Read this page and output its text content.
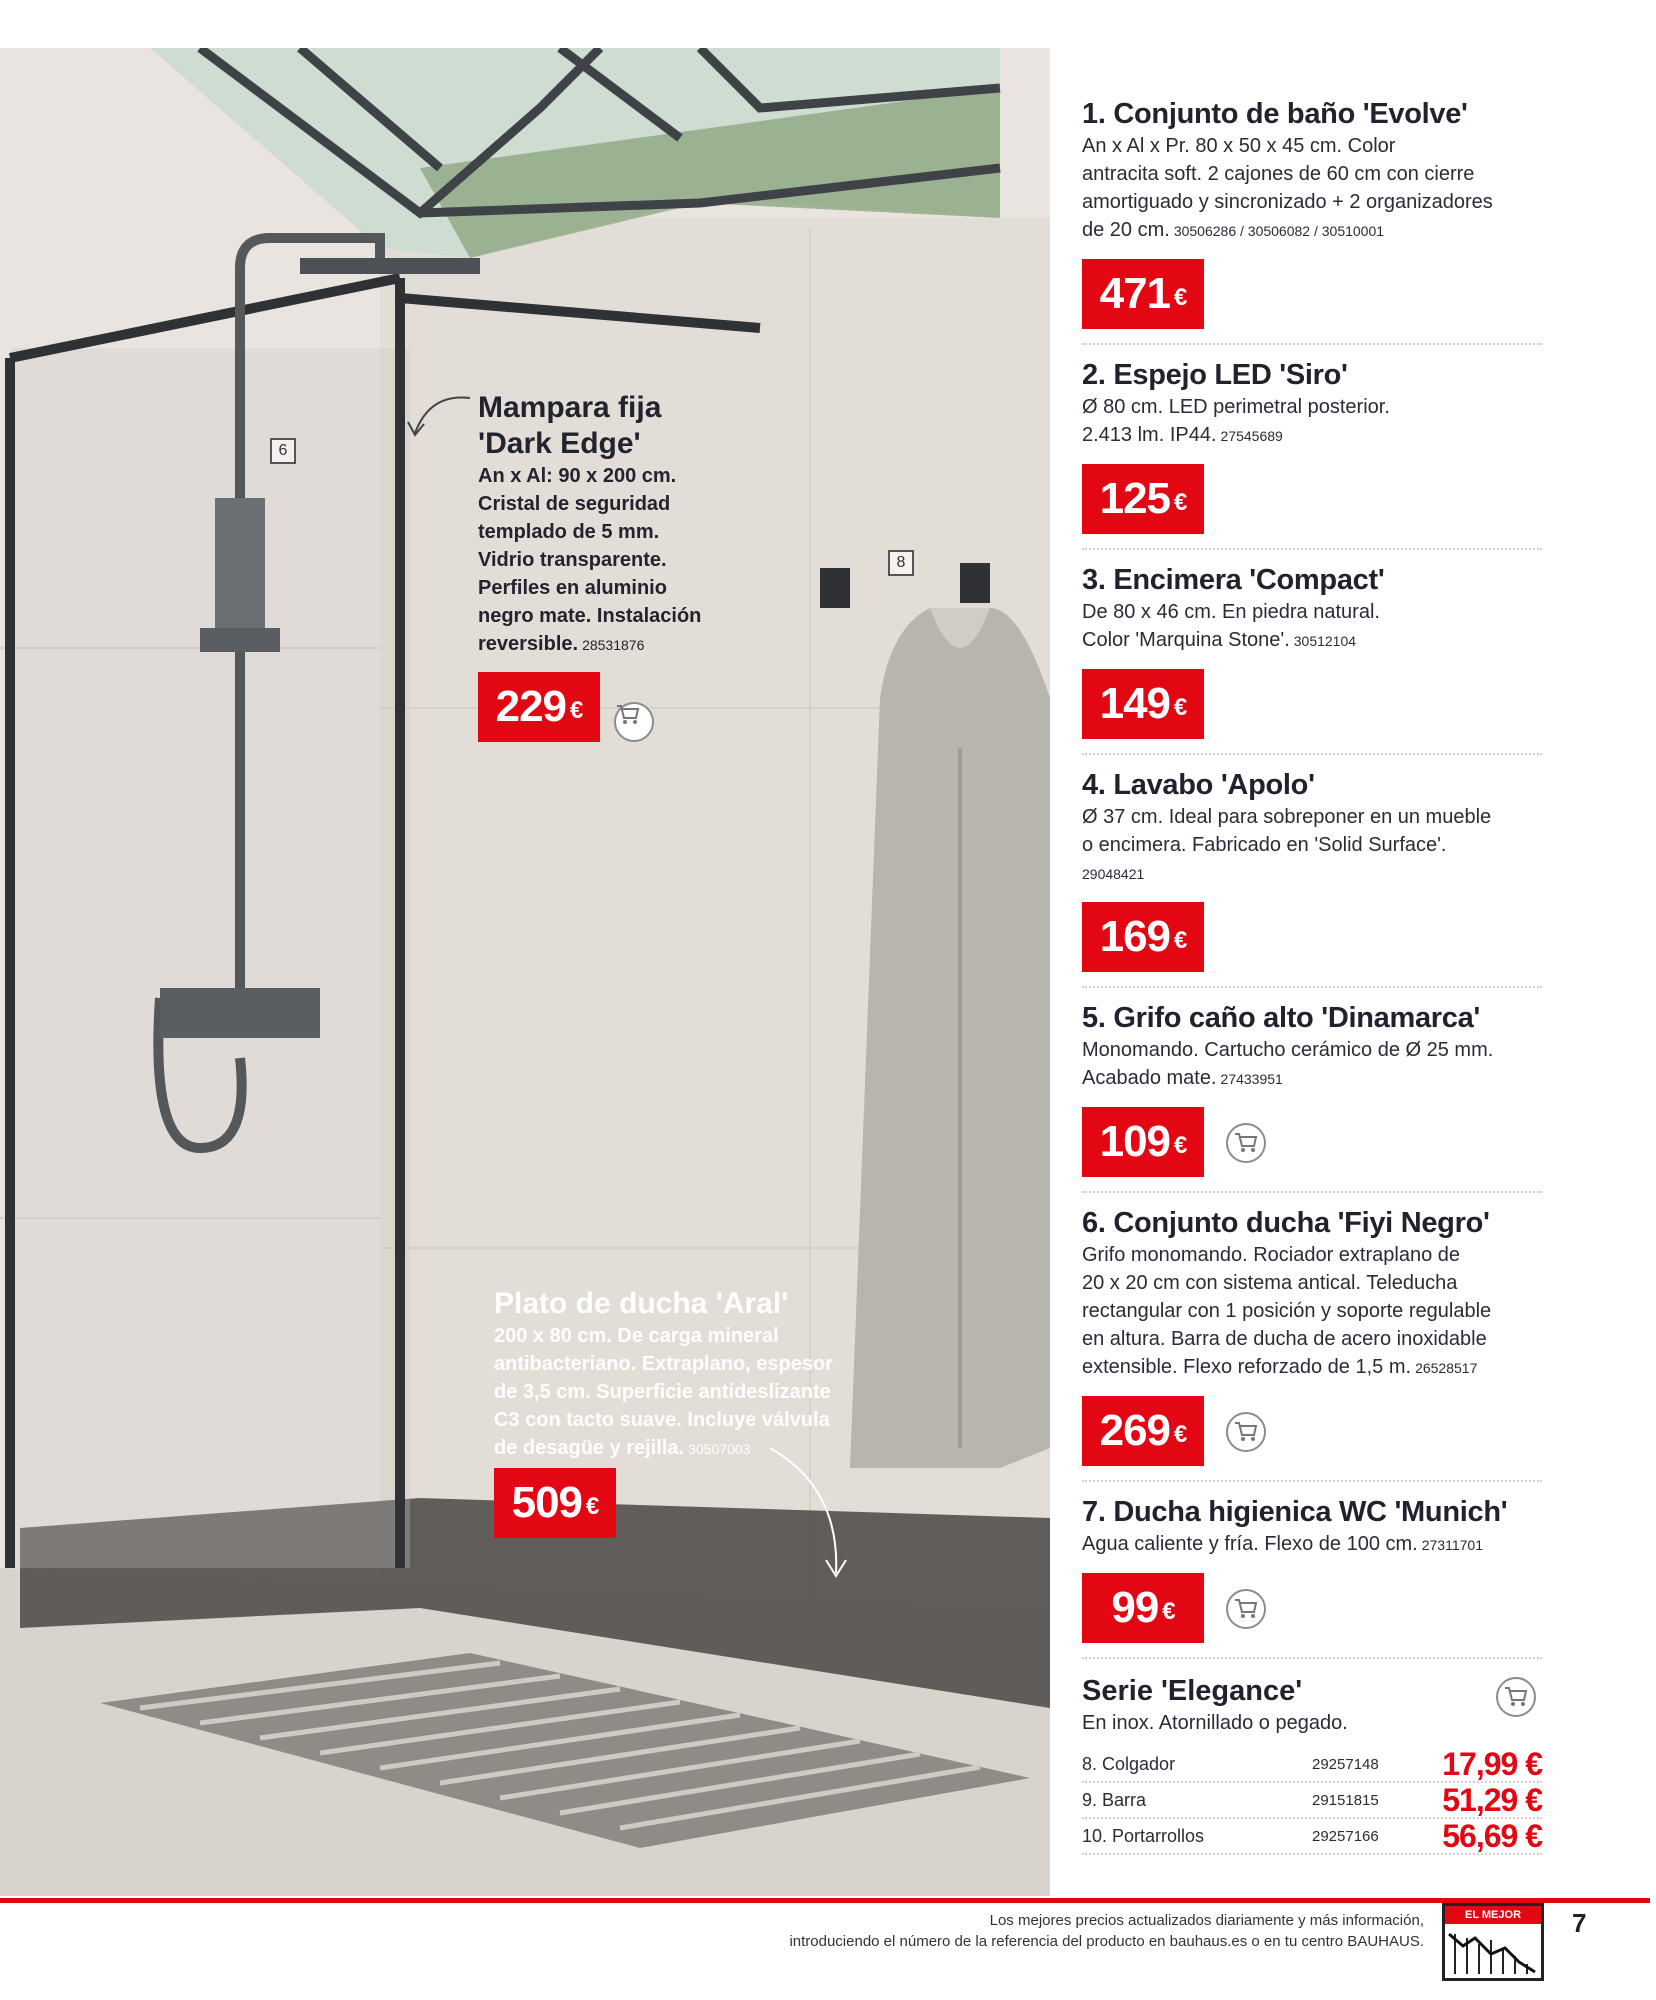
6
8
Mampara fija
'Dark Edge'
An x Al: 90 x 200 cm.
Cristal de seguridad
templado de 5 mm.
Vidrio transparente.
Perfiles en aluminio
negro mate. Instalación
reversible. 28531876
229 €
Plato de ducha 'Aral'
200 x 80 cm. De carga mineral
antibacteriano. Extraplano, espesor
de 3,5 cm. Superficie antideslizante
C3 con tacto suave. Incluye válvula
de desagüe y rejilla. 30507003
509 €
1. Conjunto de baño 'Evolve'

An x Al x Pr. 80 x 50 x 45 cm. Color
antracita soft. 2 cajones de 60 cm con cierre
amortiguado y sincronizado + 2 organizadores
de 20 cm. 30506286 / 30506082 / 30510001

471 €
2. Espejo LED 'Siro'

Ø 80 cm. LED perimetral posterior.
2.413 lm. IP44. 27545689

125 €
3. Encimera 'Compact'

De 80 x 46 cm. En piedra natural.
Color 'Marquina Stone'. 30512104

149 €
4. Lavabo 'Apolo'

Ø 37 cm. Ideal para sobreponer en un mueble
o encimera. Fabricado en 'Solid Surface'.
29048421

169 €
5. Grifo caño alto 'Dinamarca'

Monomando. Cartucho cerámico de Ø 25 mm.
Acabado mate. 27433951

109 €
6. Conjunto ducha 'Fiyi Negro'

Grifo monomando. Rociador extraplano de
20 x 20 cm con sistema antical. Teleducha
rectangular con 1 posición y soporte regulable
en altura. Barra de ducha de acero inoxidable
extensible. Flexo reforzado de 1,5 m. 26528517

269 €
7. Ducha higienica WC 'Munich'

Agua caliente y fría. Flexo de 100 cm. 27311701

99 €
Serie 'Elegance'

En inox. Atornillado o pegado.

8. Colgador	29257148	17,99 €
9. Barra	29151815	51,29 €
10. Portarrollos	29257166	56,69 €
Los mejores precios actualizados diariamente y más información,
introduciendo el número de la referencia del producto en bauhaus.es o en tu centro BAUHAUS.
EL MEJOR PRECIO	7
